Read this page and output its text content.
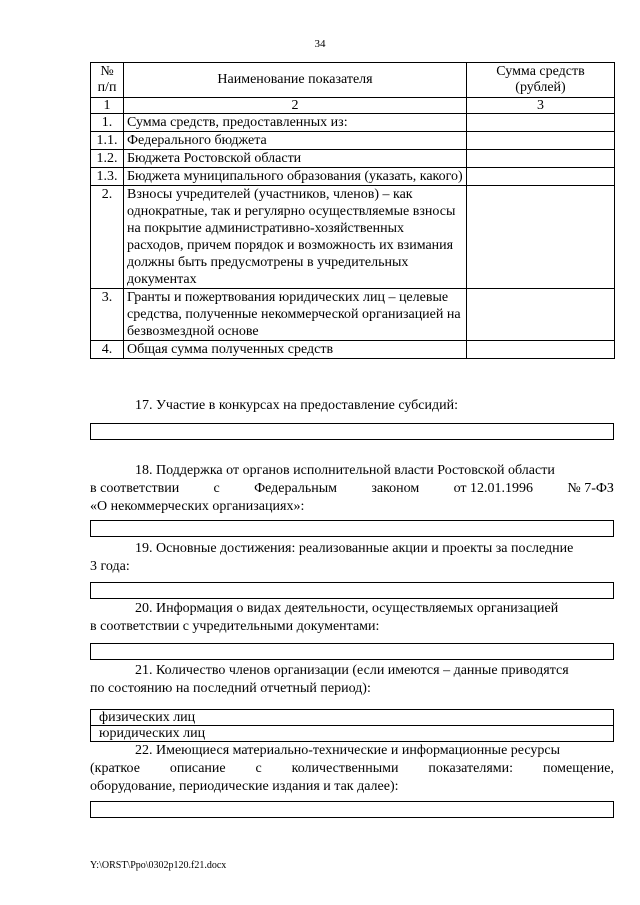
34
№
п/п	Наименование показателя	Сумма средств
(рублей)
1	2	3
1.	Сумма средств, предоставленных из:	
1.1.	Федерального бюджета	
1.2.	Бюджета Ростовской области	
1.3.	Бюджета муниципального образования (указать, какого)	
2.	Взносы учредителей (участников, членов) – как однократные, так и регулярно осуществляемые взносы на покрытие административно-хозяйственных расходов, причем порядок и возможность их взимания должны быть предусмотрены в учредительных документах	
3.	Гранты и пожертвования юридических лиц – целевые средства, полученные некоммерческой организацией на безвозмездной основе	
4.	Общая сумма полученных средств	
17. Участие в конкурсах на предоставление субсидий:
18. Поддержка от органов исполнительной власти Ростовской области
в соответствии с Федеральным законом от 12.01.1996 № 7-ФЗ
«О некоммерческих организациях»:
19. Основные достижения: реализованные акции и проекты за последние
3 года:
20. Информация о видах деятельности, осуществляемых организацией
в соответствии с учредительными документами:
21. Количество членов организации (если имеются – данные приводятся
по состоянию на последний отчетный период):
физических лиц
юридических лиц
22. Имеющиеся материально-технические и информационные ресурсы
(краткое описание с количественными показателями: помещение,
оборудование, периодические издания и так далее):
Y:\ORST\Ppo\0302p120.f21.docx
